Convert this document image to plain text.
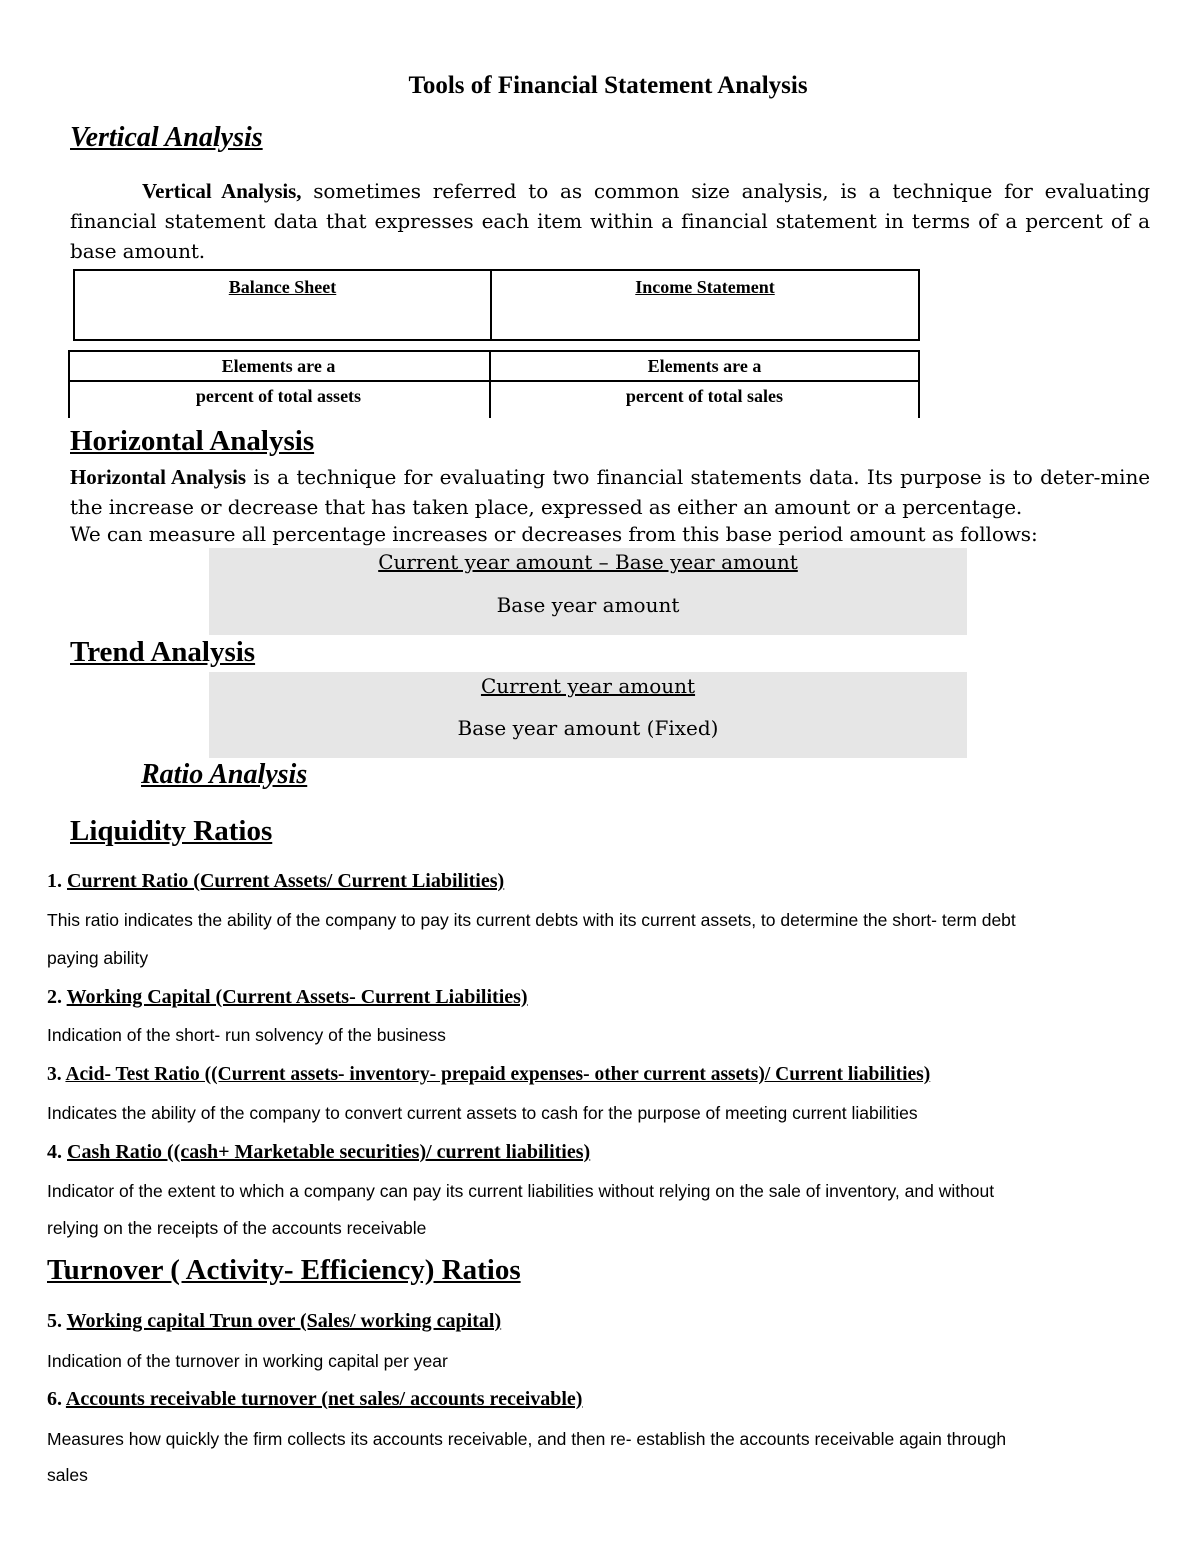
Tools of Financial Statement Analysis
Vertical Analysis
Vertical Analysis, sometimes referred to as common size analysis, is a technique for evaluating financial statement data that expresses each item within a financial statement in terms of a percent of a base amount.
Balance Sheet	Income Statement
Elements are a
percent of total assets
Elements are a
percent of total sales
Horizontal Analysis
Horizontal Analysis is a technique for evaluating two financial statements data. Its purpose is to deter-mine the increase or decrease that has taken place, expressed as either an amount or a percentage.
We can measure all percentage increases or decreases from this base period amount as follows:
Current year amount – Base year amount
Base year amount
Trend Analysis
Current year amount
Base year amount (Fixed)
Ratio Analysis
Liquidity Ratios
1. Current Ratio (Current Assets/ Current Liabilities)
This ratio indicates the ability of the company to pay its current debts with its current assets, to determine the short- term debt
paying ability
2. Working Capital (Current Assets- Current Liabilities)
Indication of the short- run solvency of the business
3. Acid- Test Ratio ((Current assets- inventory- prepaid expenses- other current assets)/ Current liabilities)
Indicates the ability of the company to convert current assets to cash for the purpose of meeting current liabilities
4. Cash Ratio ((cash+ Marketable securities)/ current liabilities)
Indicator of the extent to which a company can pay its current liabilities without relying on the sale of inventory, and without
relying on the receipts of the accounts receivable
Turnover ( Activity- Efficiency) Ratios
5. Working capital Trun over (Sales/ working capital)
Indication of the turnover in working capital per year
6. Accounts receivable turnover (net sales/ accounts receivable)
Measures how quickly the firm collects its accounts receivable, and then re- establish the accounts receivable again through
sales
